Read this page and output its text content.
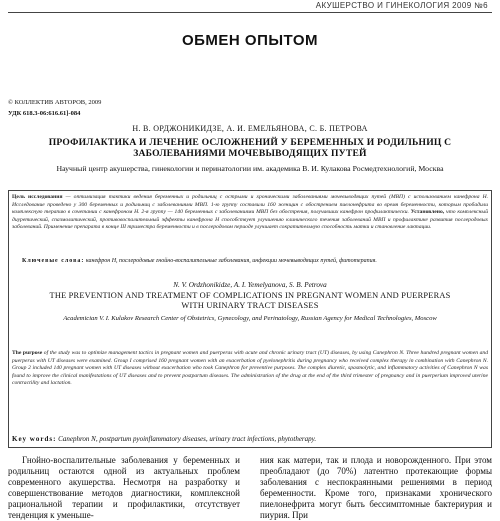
АКУШЕРСТВО И ГИНЕКОЛОГИЯ 2009 №6
ОБМЕН ОПЫТОМ
© КОЛЛЕКТИВ АВТОРОВ, 2009
УДК 618.3-06:616.61]-084
Н. В. ОРДЖОНИКИДЗЕ, А. И. ЕМЕЛЬЯНОВА, С. Б. ПЕТРОВА
ПРОФИЛАКТИКА И ЛЕЧЕНИЕ ОСЛОЖНЕНИЙ У БЕРЕМЕННЫХ И РОДИЛЬНИЦ С ЗАБОЛЕВАНИЯМИ МОЧЕВЫВОДЯЩИХ ПУТЕЙ
Научный центр акушерства, гинекологии и перинатологии им. академика В. И. Кулакова Росмедтехнологий, Москва
Цель исследования — оптимизация тактики ведения беременных и родильниц с острыми и хроническими заболеваниями мочевыводящих путей (МВП) с использованием канефрона Н. Исследование проведено у 300 беременных и родильниц с заболеваниями МВП. 1-ю группу составили 160 женщин с обострением пиелонефрита во время беременности, которым пробадили комплексную терапию в сочетании с канефроном Н. 2-я группу — 140 беременных с заболеваниями МВП без обострения, получавших канефрон профилактически. Установлено, что комплексный диуретический, спазмолитический, противовоспалительный эффекты канефрона Н способствует улучшению клинического течения заболеваний МВП и профилактике развития послеродовых заболеваний. Применение препарата в конце III триместра беременности и в послеродовом периоде улучшает сократительную способность матки и становление лактации.
Ключевые слова: канефрон Н, послеродовые гнойно-воспалительные заболевания, инфекции мочевыводящих путей, фитотерапия.
N. V. Ordzhonikidze, A. I. Yemelyanova, S. B. Petrova
THE PREVENTION AND TREATMENT OF COMPLICATIONS IN PREGNANT WOMEN AND PUERPERAS WITH URINARY TRACT DISEASES
Academician V. I. Kulakov Research Center of Obstetrics, Gynecology, and Perinatology, Russian Agency for Medical Technologies, Moscow
The purpose of the study was to optimize management tactics in pregnant women and puerperas with acute and chronic urinary tract (UT) diseases, by using Canephron N. Three hundred pregnant women and puerperas with UT diseases were examined. Group I comprised 160 pregnant women with an exacerbation of pyelonephritis during pregnancy who received complex therapy in combination with Canephron N. Group 2 included 140 pregnant women with UT diseases without exacerbation who took Canephron for preventive purposes. The complex diuretic, spasmolytic, and inflammatory activities of Canephron N was found to improve the clinical manifestations of UT diseases and to prevent postpartum diseases. The administration of the drug at the end of the third trimester of pregnancy and in puerperium improved uterine contractility and lactation.
Key words: Canephron N, postpartum pyoinflammatory diseases, urinary tract infections, phytotherapy.
Гнойно-воспалительные заболевания у беременных и родильниц остаются одной из актуальных проблем современного акушерства. Несмотря на разработку и совершенствование методов диагностики, комплексной рациональной терапии и профилактики, отсутствует тенденция к уменьше-
ния как матери, так и плода и новорожденного. При этом преобладают (до 70%) латентно протекающие формы заболевания с неспокраянными решениями в период беременности. Кроме того, признаками хронического пиелонефрита могут быть бессимптомные бактериурия и пиурия. При
